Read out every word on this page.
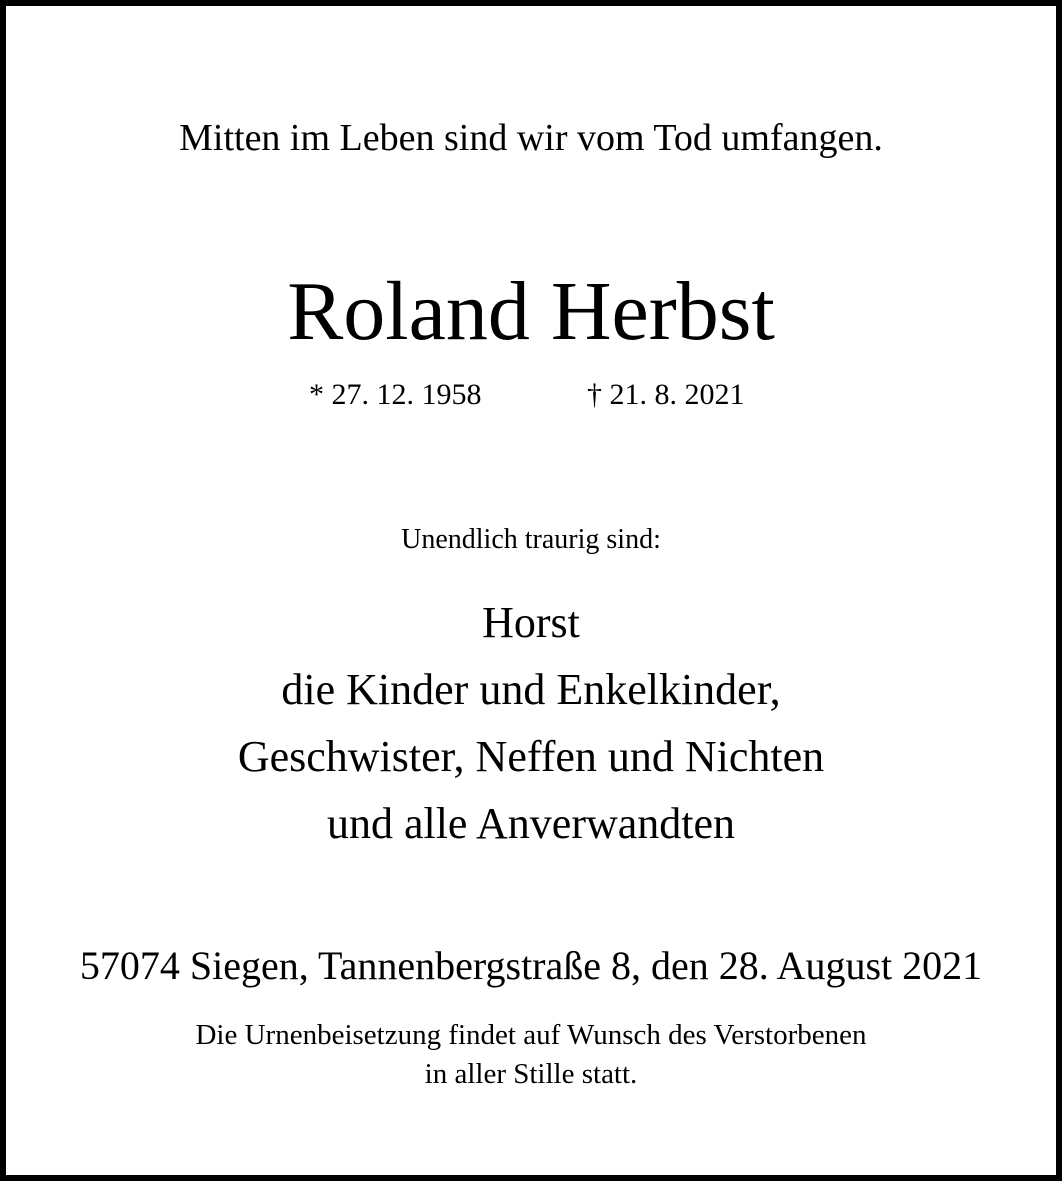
Mitten im Leben sind wir vom Tod umfangen.
Roland Herbst
* 27. 12. 1958	† 21. 8. 2021
Unendlich traurig sind:
Horst
die Kinder und Enkelkinder,
Geschwister, Neffen und Nichten
und alle Anverwandten
57074 Siegen, Tannenbergstraße 8, den 28. August 2021
Die Urnenbeisetzung findet auf Wunsch des Verstorbenen
in aller Stille statt.
